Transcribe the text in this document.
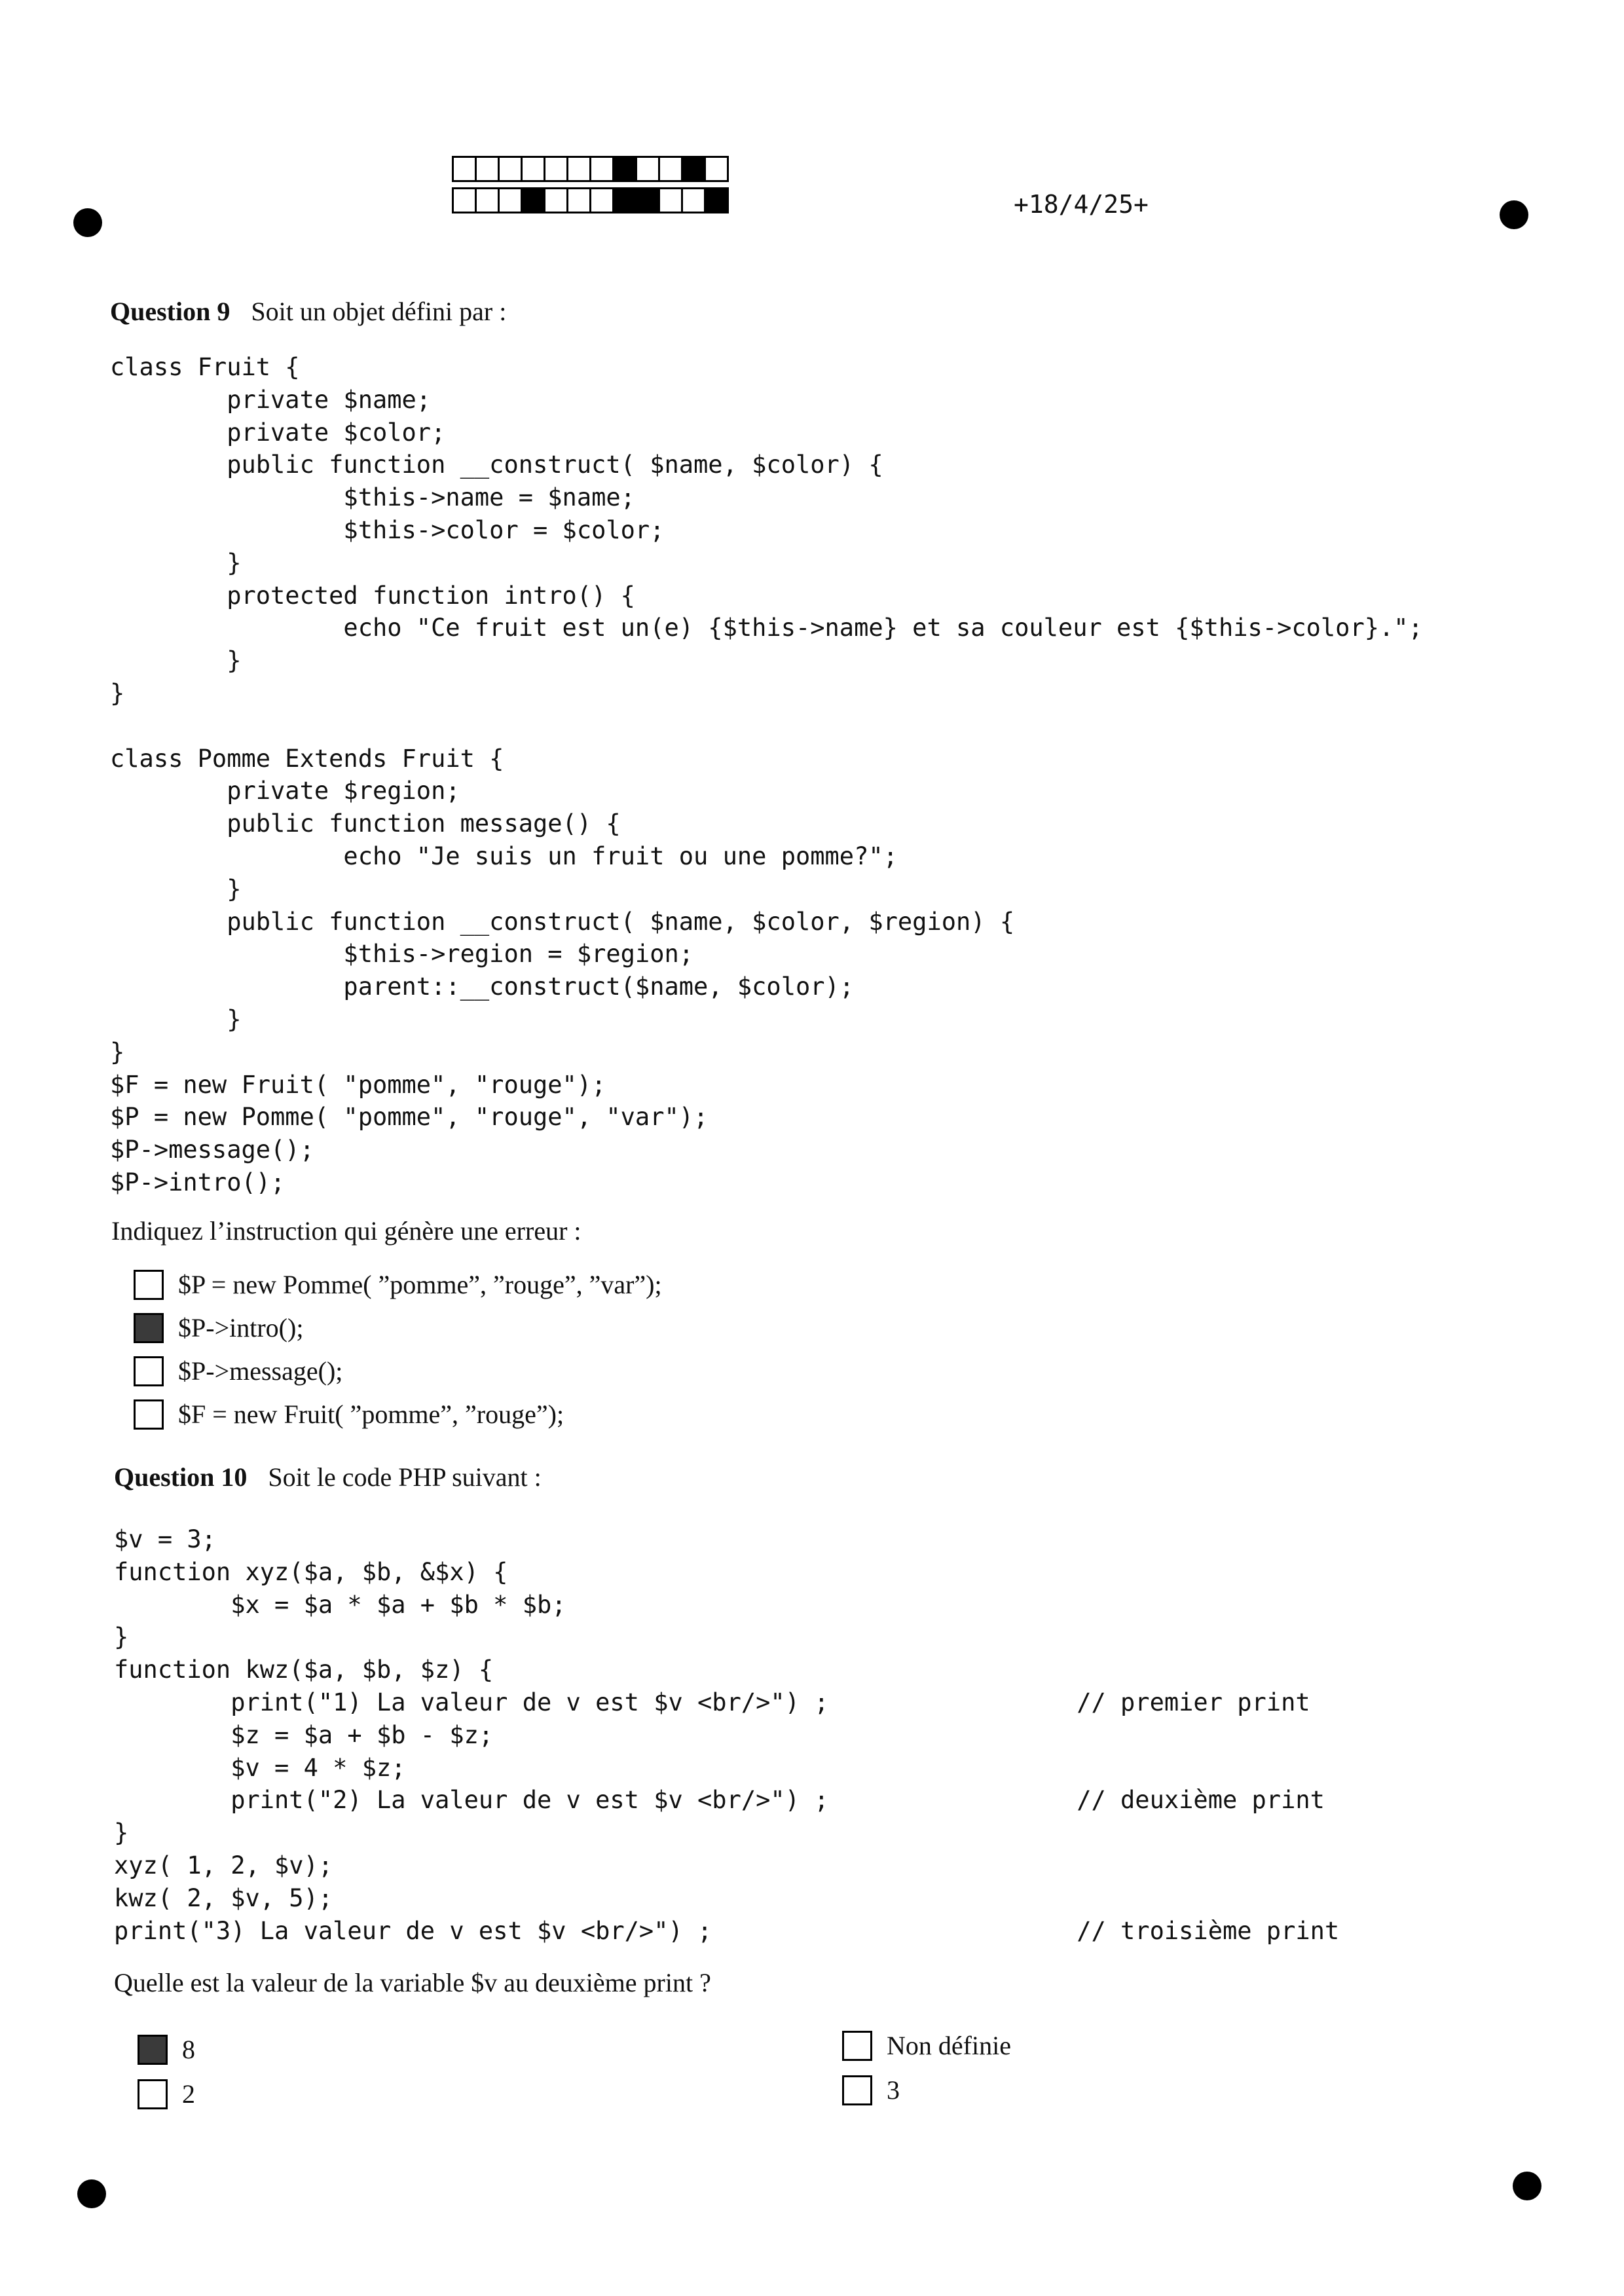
+18/4/25+
Question 9 Soit un objet défini par :
class Fruit {
private $name;
private $color;
public function __construct( $name, $color) {
$this->name = $name;
$this->color = $color;
}
protected function intro() {
echo "Ce fruit est un(e) {$this->name} et sa couleur est {$this->color}.";
}
}

class Pomme Extends Fruit {
private $region;
public function message() {
echo "Je suis un fruit ou une pomme?";
}
public function __construct( $name, $color, $region) {
$this->region = $region;
parent::__construct($name, $color);
}
}
$F = new Fruit( "pomme", "rouge");
$P = new Pomme( "pomme", "rouge", "var");
$P->message();
$P->intro();
Indiquez l’instruction qui génère une erreur :
$P = new Pomme( ”pomme”, ”rouge”, ”var”);
$P->intro();
$P->message();
$F = new Fruit( ”pomme”, ”rouge”);
Question 10 Soit le code PHP suivant :
$v = 3;
function xyz($a, $b, &$x) {
$x = $a * $a + $b * $b;
}
function kwz($a, $b, $z) {
print("1) La valeur de v est $v <br/>") ;                 // premier print
$z = $a + $b - $z;
$v = 4 * $z;
print("2) La valeur de v est $v <br/>") ;                 // deuxième print
}
xyz( 1, 2, $v);
kwz( 2, $v, 5);
print("3) La valeur de v est $v <br/>") ;                         // troisième print
Quelle est la valeur de la variable $v au deuxième print ?
8
2
Non définie
3
